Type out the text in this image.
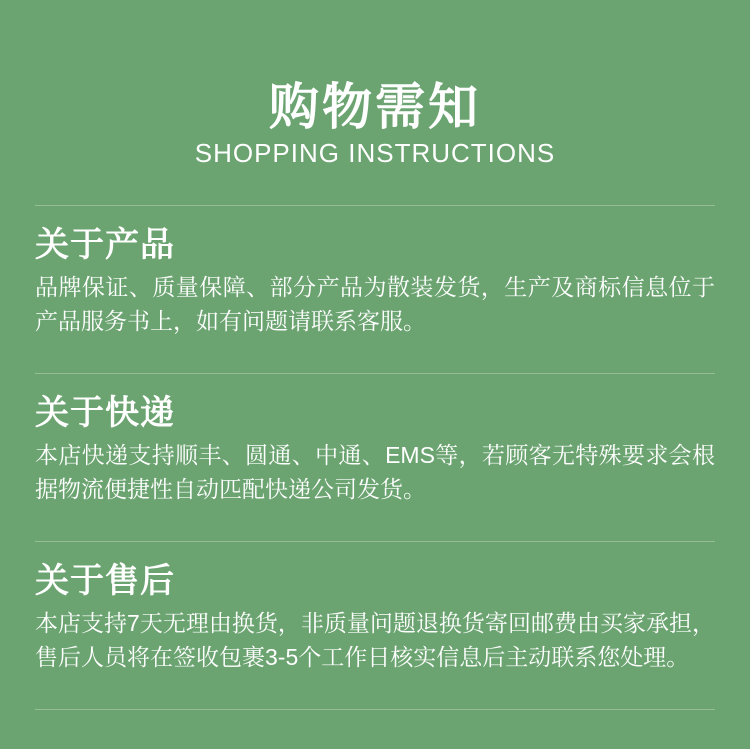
购物需知
SHOPPING INSTRUCTIONS
关于产品
品牌保证、质量保障、部分产品为散装发货，生产及商标信息位于产品服务书上，如有问题请联系客服。
关于快递
本店快递支持顺丰、圆通、中通、EMS等，若顾客无特殊要求会根据物流便捷性自动匹配快递公司发货。
关于售后
本店支持7天无理由换货，非质量问题退换货寄回邮费由买家承担，售后人员将在签收包裹3-5个工作日核实信息后主动联系您处理。
